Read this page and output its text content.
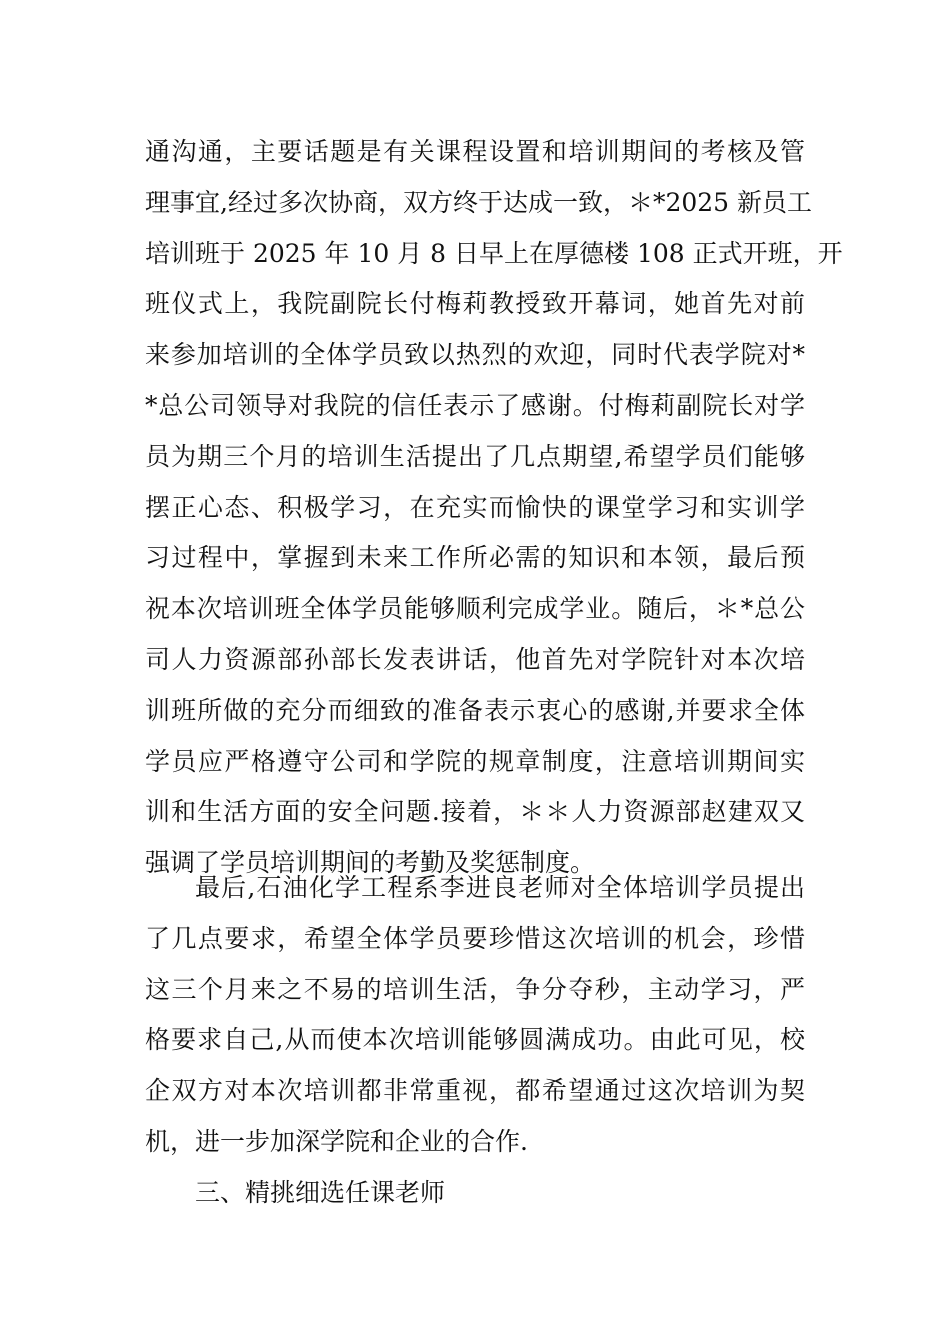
通沟通，主要话题是有关课程设置和培训期间的考核及管
理事宜,经过多次协商，双方终于达成一致，＊*2025 新员工
培训班于 2025 年 10 月 8 日早上在厚德楼 108 正式开班，开
班仪式上，我院副院长付梅莉教授致开幕词，她首先对前
来参加培训的全体学员致以热烈的欢迎，同时代表学院对*
*总公司领导对我院的信任表示了感谢。付梅莉副院长对学
员为期三个月的培训生活提出了几点期望,希望学员们能够
摆正心态、积极学习，在充实而愉快的课堂学习和实训学
习过程中，掌握到未来工作所必需的知识和本领，最后预
祝本次培训班全体学员能够顺利完成学业。随后，＊*总公
司人力资源部孙部长发表讲话，他首先对学院针对本次培
训班所做的充分而细致的准备表示衷心的感谢,并要求全体
学员应严格遵守公司和学院的规章制度，注意培训期间实
训和生活方面的安全问题.接着，＊＊人力资源部赵建双又
强调了学员培训期间的考勤及奖惩制度。
最后,石油化学工程系李进良老师对全体培训学员提出
了几点要求，希望全体学员要珍惜这次培训的机会，珍惜
这三个月来之不易的培训生活，争分夺秒，主动学习，严
格要求自己,从而使本次培训能够圆满成功。由此可见，校
企双方对本次培训都非常重视，都希望通过这次培训为契
机，进一步加深学院和企业的合作.
三、精挑细选任课老师
